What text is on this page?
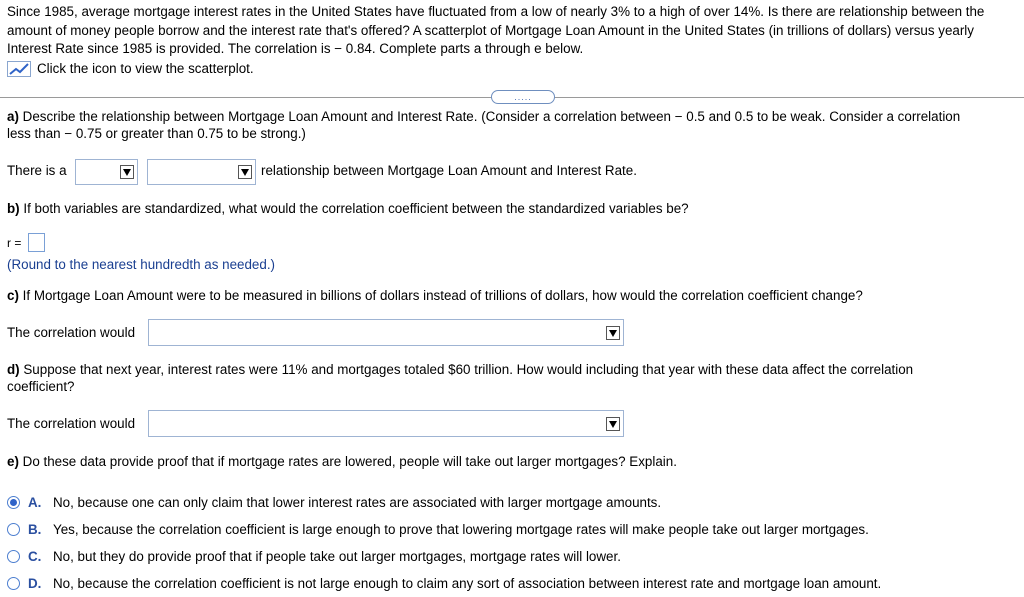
Since 1985, average mortgage interest rates in the United States have fluctuated from a low of nearly 3% to a high of over 14%. Is there are relationship between the amount of money people borrow and the interest rate that's offered? A scatterplot of Mortgage Loan Amount in the United States (in trillions of dollars) versus yearly Interest Rate since 1985 is provided. The correlation is − 0.84. Complete parts a through e below.
Click the icon to view the scatterplot.
.....
a) Describe the relationship between Mortgage Loan Amount and Interest Rate. (Consider a correlation between − 0.5 and 0.5 to be weak. Consider a correlation
less than − 0.75 or greater than 0.75 to be strong.)
There is a	relationship between Mortgage Loan Amount and Interest Rate.
b) If both variables are standardized, what would the correlation coefficient between the standardized variables be?
r =
(Round to the nearest hundredth as needed.)
c) If Mortgage Loan Amount were to be measured in billions of dollars instead of trillions of dollars, how would the correlation coefficient change?
The correlation would
d) Suppose that next year, interest rates were 11% and mortgages totaled $60 trillion. How would including that year with these data affect the correlation
coefficient?
The correlation would
e) Do these data provide proof that if mortgage rates are lowered, people will take out larger mortgages? Explain.
A. No, because one can only claim that lower interest rates are associated with larger mortgage amounts.
B. Yes, because the correlation coefficient is large enough to prove that lowering mortgage rates will make people take out larger mortgages.
C. No, but they do provide proof that if people take out larger mortgages, mortgage rates will lower.
D. No, because the correlation coefficient is not large enough to claim any sort of association between interest rate and mortgage loan amount.
